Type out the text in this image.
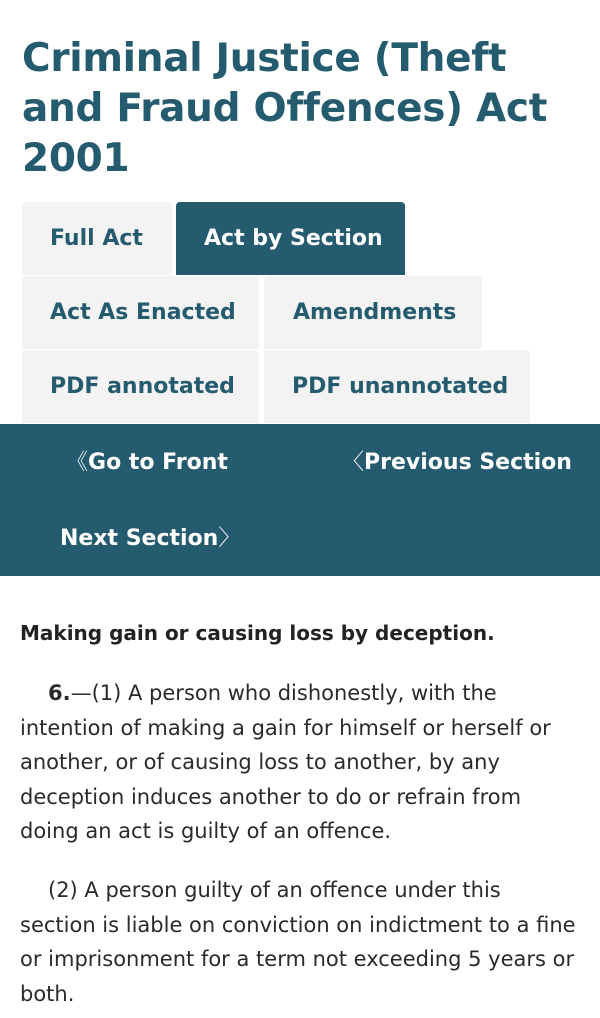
Criminal Justice (Theft and Fraud Offences) Act 2001
Full Act	Act by Section
Act As Enacted	Amendments
PDF annotated	PDF unannotated
《Go to Front	〈Previous Section
Next Section〉
Making gain or causing loss by deception.

6.—(1) A person who dishonestly, with the intention of making a gain for himself or herself or another, or of causing loss to another, by any deception induces another to do or refrain from doing an act is guilty of an offence.

(2) A person guilty of an offence under this section is liable on conviction on indictment to a fine or imprisonment for a term not exceeding 5 years or both.
